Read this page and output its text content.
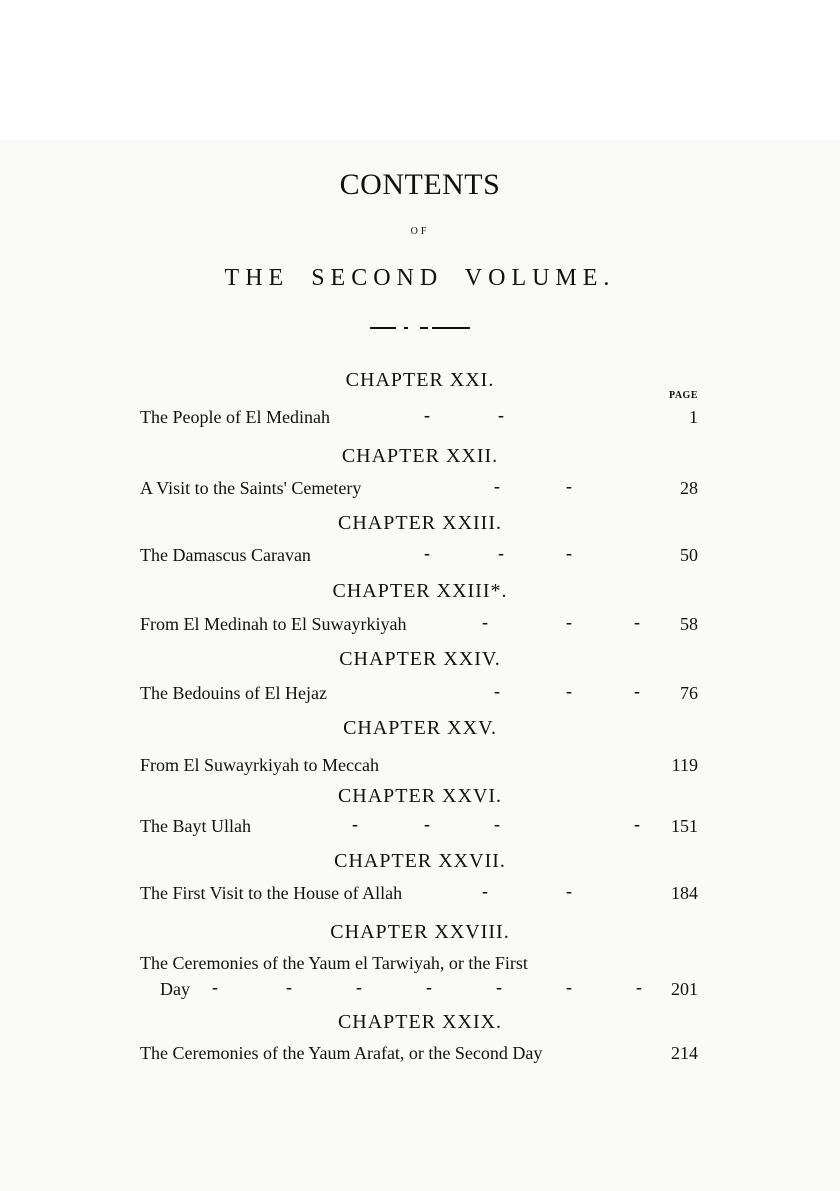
CONTENTS
OF
THE SECOND VOLUME.
PAGE
CHAPTER XXI.
The People of El Medinah	-	-	1
CHAPTER XXII.
A Visit to the Saints' Cemetery	-	-	28
CHAPTER XXIII.
The Damascus Caravan	-	-	-	50
CHAPTER XXIII*.
From El Medinah to El Suwayrkiyah	-	-	- 58
CHAPTER XXIV.
The Bedouins of El Hejaz	-	-	- 76
CHAPTER XXV.
From El Suwayrkiyah to Meccah	119
CHAPTER XXVI.
The Bayt Ullah	-	-	-	- 151
CHAPTER XXVII.
The First Visit to the House of Allah	-	-	184
CHAPTER XXVIII.
The Ceremonies of the Yaum el Tarwiyah, or the First
Day -	-	-	-	-	-	- 201
CHAPTER XXIX.
The Ceremonies of the Yaum Arafat, or the Second Day	214
